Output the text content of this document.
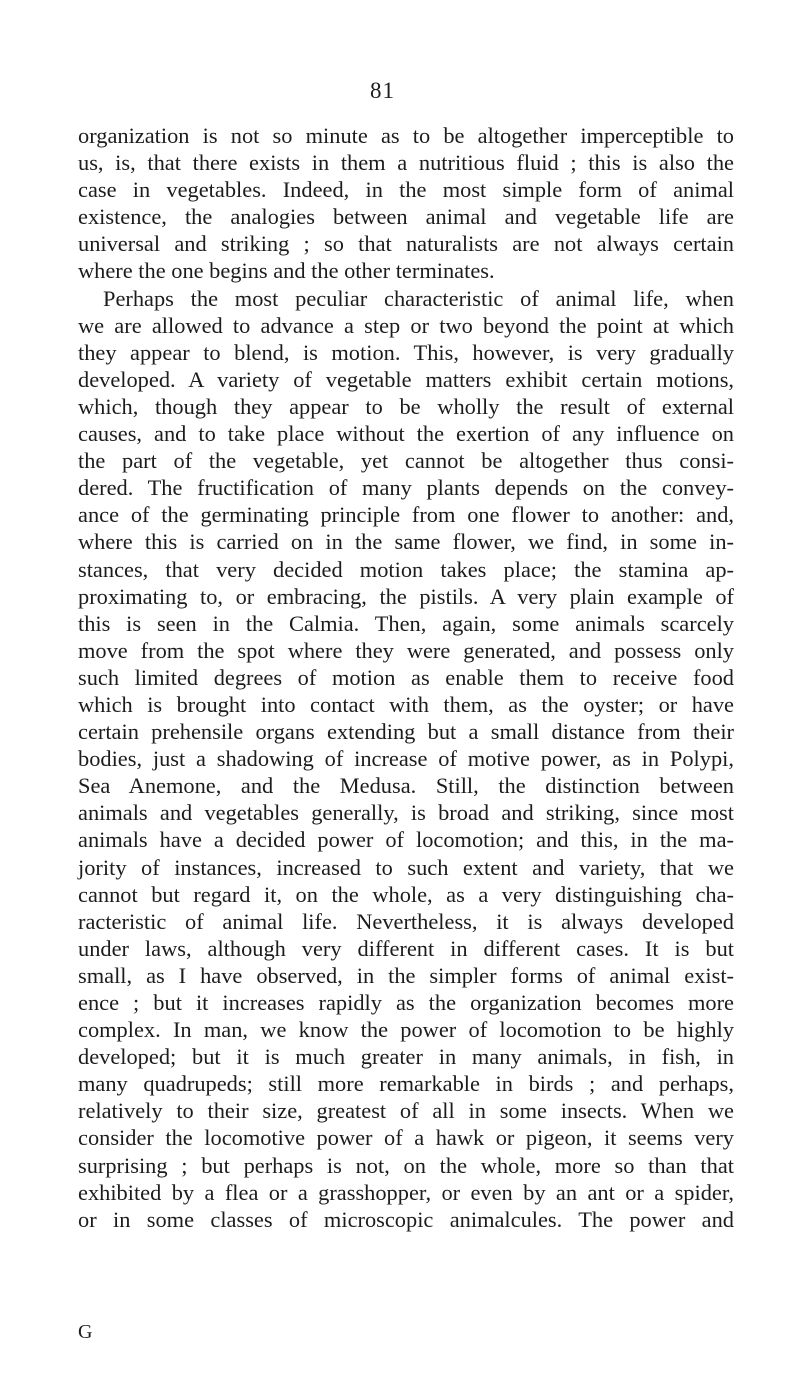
81
organization is not so minute as to be altogether imperceptible to
us, is, that there exists in them a nutritious fluid ; this is also the
case in vegetables. Indeed, in the most simple form of animal
existence, the analogies between animal and vegetable life are
universal and striking ; so that naturalists are not always certain
where the one begins and the other terminates.
Perhaps the most peculiar characteristic of animal life, when
we are allowed to advance a step or two beyond the point at which
they appear to blend, is motion. This, however, is very gradually
developed. A variety of vegetable matters exhibit certain motions,
which, though they appear to be wholly the result of external
causes, and to take place without the exertion of any influence on
the part of the vegetable, yet cannot be altogether thus consi-
dered. The fructification of many plants depends on the convey-
ance of the germinating principle from one flower to another: and,
where this is carried on in the same flower, we find, in some in-
stances, that very decided motion takes place; the stamina ap-
proximating to, or embracing, the pistils. A very plain example of
this is seen in the Calmia. Then, again, some animals scarcely
move from the spot where they were generated, and possess only
such limited degrees of motion as enable them to receive food
which is brought into contact with them, as the oyster; or have
certain prehensile organs extending but a small distance from their
bodies, just a shadowing of increase of motive power, as in Polypi,
Sea Anemone, and the Medusa. Still, the distinction between
animals and vegetables generally, is broad and striking, since most
animals have a decided power of locomotion; and this, in the ma-
jority of instances, increased to such extent and variety, that we
cannot but regard it, on the whole, as a very distinguishing cha-
racteristic of animal life. Nevertheless, it is always developed
under laws, although very different in different cases. It is but
small, as I have observed, in the simpler forms of animal exist-
ence ; but it increases rapidly as the organization becomes more
complex. In man, we know the power of locomotion to be highly
developed; but it is much greater in many animals, in fish, in
many quadrupeds; still more remarkable in birds ; and perhaps,
relatively to their size, greatest of all in some insects. When we
consider the locomotive power of a hawk or pigeon, it seems very
surprising ; but perhaps is not, on the whole, more so than that
exhibited by a flea or a grasshopper, or even by an ant or a spider,
or in some classes of microscopic animalcules. The power and
G
